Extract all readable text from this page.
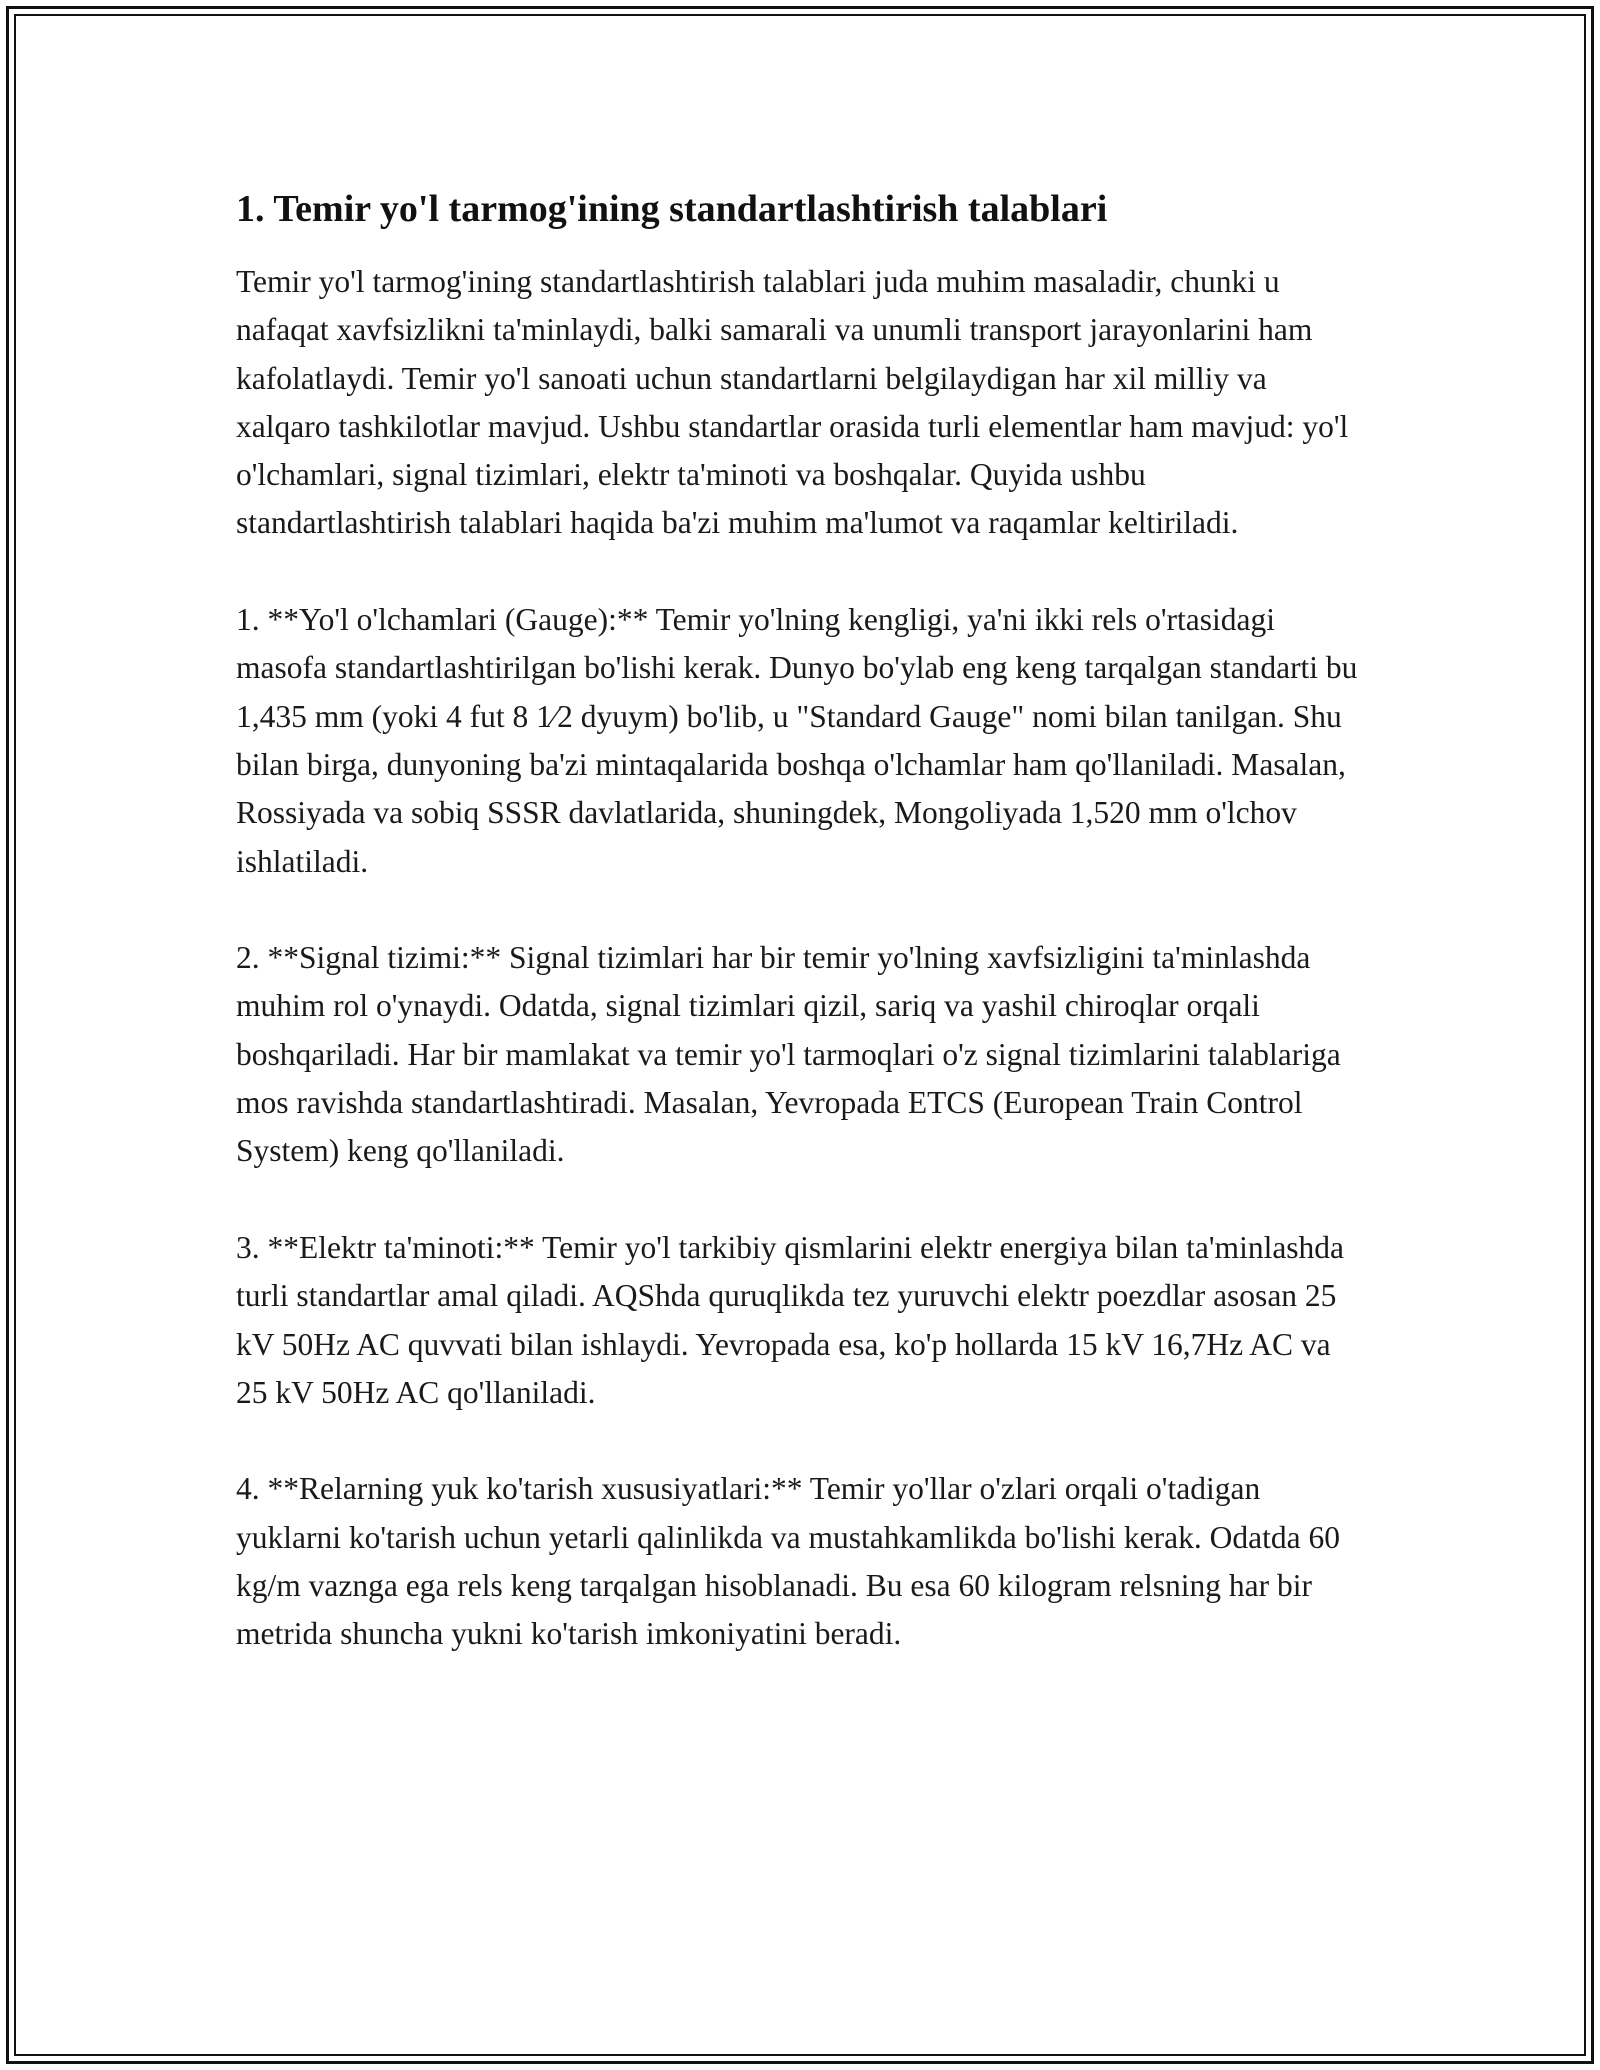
1. Temir yo'l tarmog'ining standartlashtirish talablari

Temir yo'l tarmog'ining standartlashtirish talablari juda muhim masaladir, chunki u nafaqat xavfsizlikni ta'minlaydi, balki samarali va unumli transport jarayonlarini ham kafolatlaydi. Temir yo'l sanoati uchun standartlarni belgilaydigan har xil milliy va xalqaro tashkilotlar mavjud. Ushbu standartlar orasida turli elementlar ham mavjud: yo'l o'lchamlari, signal tizimlari, elektr ta'minoti va boshqalar. Quyida ushbu standartlashtirish talablari haqida ba'zi muhim ma'lumot va raqamlar keltiriladi.

1. **Yo'l o'lchamlari (Gauge):** Temir yo'lning kengligi, ya'ni ikki rels o'rtasidagi masofa standartlashtirilgan bo'lishi kerak. Dunyo bo'ylab eng keng tarqalgan standarti bu 1,435 mm (yoki 4 fut 8 1⁄2 dyuym) bo'lib, u "Standard Gauge" nomi bilan tanilgan. Shu bilan birga, dunyoning ba'zi mintaqalarida boshqa o'lchamlar ham qo'llaniladi. Masalan, Rossiyada va sobiq SSSR davlatlarida, shuningdek, Mongoliyada 1,520 mm o'lchov ishlatiladi.

2. **Signal tizimi:** Signal tizimlari har bir temir yo'lning xavfsizligini ta'minlashda muhim rol o'ynaydi. Odatda, signal tizimlari qizil, sariq va yashil chiroqlar orqali boshqariladi. Har bir mamlakat va temir yo'l tarmoqlari o'z signal tizimlarini talablariga mos ravishda standartlashtiradi. Masalan, Yevropada ETCS (European Train Control System) keng qo'llaniladi.

3. **Elektr ta'minoti:** Temir yo'l tarkibiy qismlarini elektr energiya bilan ta'minlashda turli standartlar amal qiladi. AQShda quruqlikda tez yuruvchi elektr poezdlar asosan 25 kV 50Hz AC quvvati bilan ishlaydi. Yevropada esa, ko'p hollarda 15 kV 16,7Hz AC va 25 kV 50Hz AC qo'llaniladi.

4. **Relarning yuk ko'tarish xususiyatlari:** Temir yo'llar o'zlari orqali o'tadigan yuklarni ko'tarish uchun yetarli qalinlikda va mustahkamlikda bo'lishi kerak. Odatda 60 kg/m vaznga ega rels keng tarqalgan hisoblanadi. Bu esa 60 kilogram relsning har bir metrida shuncha yukni ko'tarish imkoniyatini beradi.
